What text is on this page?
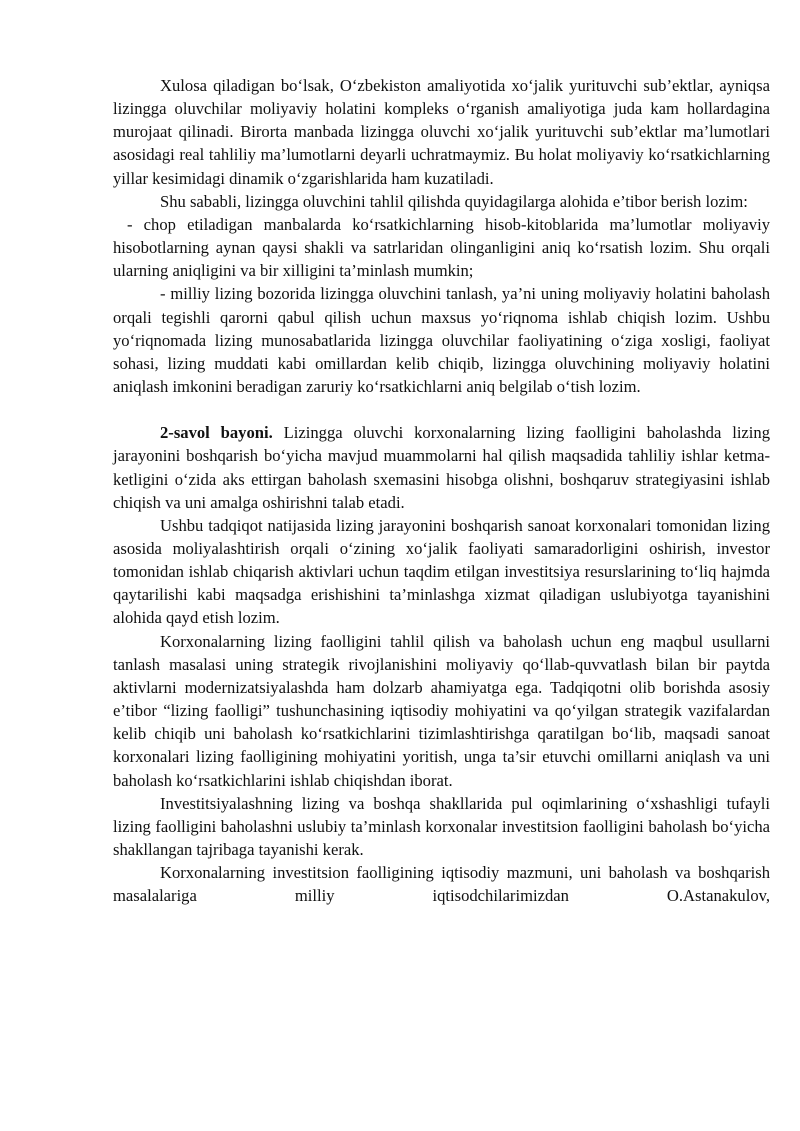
Xulosa qiladigan bo‘lsak, O‘zbekiston amaliyotida xo‘jalik yurituvchi sub’ektlar, ayniqsa lizingga oluvchilar moliyaviy holatini kompleks o‘rganish amaliyotiga juda kam hollardagina murojaat qilinadi. Birorta manbada lizingga oluvchi xo‘jalik yurituvchi sub’ektlar ma’lumotlari asosidagi real tahliliy ma’lumotlarni deyarli uchratmaymiz. Bu holat moliyaviy ko‘rsatkichlarning yillar kesimidagi dinamik o‘zgarishlarida ham kuzatiladi.

Shu sababli, lizingga oluvchini tahlil qilishda quyidagilarga alohida e’tibor berish lozim:

- chop etiladigan manbalarda ko‘rsatkichlarning hisob-kitoblarida ma’lumotlar moliyaviy hisobotlarning aynan qaysi shakli va satrlaridan olinganligini aniq ko‘rsatish lozim. Shu orqali ularning aniqligini va bir xilligini ta’minlash mumkin;

- milliy lizing bozorida lizingga oluvchini tanlash, ya’ni uning moliyaviy holatini baholash orqali tegishli qarorni qabul qilish uchun maxsus yo‘riqnoma ishlab chiqish lozim. Ushbu yo‘riqnomada lizing munosabatlarida lizingga oluvchilar faoliyatining o‘ziga xosligi, faoliyat sohasi, lizing muddati kabi omillardan kelib chiqib, lizingga oluvchining moliyaviy holatini aniqlash imkonini beradigan zaruriy ko‘rsatkichlarni aniq belgilab o‘tish lozim.

2-savol bayoni. Lizingga oluvchi korxonalarning lizing faolligini baholashda lizing jarayonini boshqarish bo‘yicha mavjud muammolarni hal qilish maqsadida tahliliy ishlar ketma-ketligini o‘zida aks ettirgan baholash sxemasini hisobga olishni, boshqaruv strategiyasini ishlab chiqish va uni amalga oshirishni talab etadi.

Ushbu tadqiqot natijasida lizing jarayonini boshqarish sanoat korxonalari tomonidan lizing asosida moliyalashtirish orqali o‘zining xo‘jalik faoliyati samaradorligini oshirish, investor tomonidan ishlab chiqarish aktivlari uchun taqdim etilgan investitsiya resurslarining to‘liq hajmda qaytarilishi kabi maqsadga erishishini ta’minlashga xizmat qiladigan uslubiyotga tayanishini alohida qayd etish lozim.

Korxonalarning lizing faolligini tahlil qilish va baholash uchun eng maqbul usullarni tanlash masalasi uning strategik rivojlanishini moliyaviy qo‘llab-quvvatlash bilan bir paytda aktivlarni modernizatsiyalashda ham dolzarb ahamiyatga ega. Tadqiqotni olib borishda asosiy e’tibor “lizing faolligi” tushunchasining iqtisodiy mohiyatini va qo‘yilgan strategik vazifalardan kelib chiqib uni baholash ko‘rsatkichlarini tizimlashtirishga qaratilgan bo‘lib, maqsadi sanoat korxonalari lizing faolligining mohiyatini yoritish, unga ta’sir etuvchi omillarni aniqlash va uni baholash ko‘rsatkichlarini ishlab chiqishdan iborat.

Investitsiyalashning lizing va boshqa shakllarida pul oqimlarining o‘xshashligi tufayli lizing faolligini baholashni uslubiy ta’minlash korxonalar investitsion faolligini baholash bo‘yicha shakllangan tajribaga tayanishi kerak.

Korxonalarning investitsion faolligining iqtisodiy mazmuni, uni baholash va boshqarish masalalariga milliy iqtisodchilarimizdan O.Astanakulov,
